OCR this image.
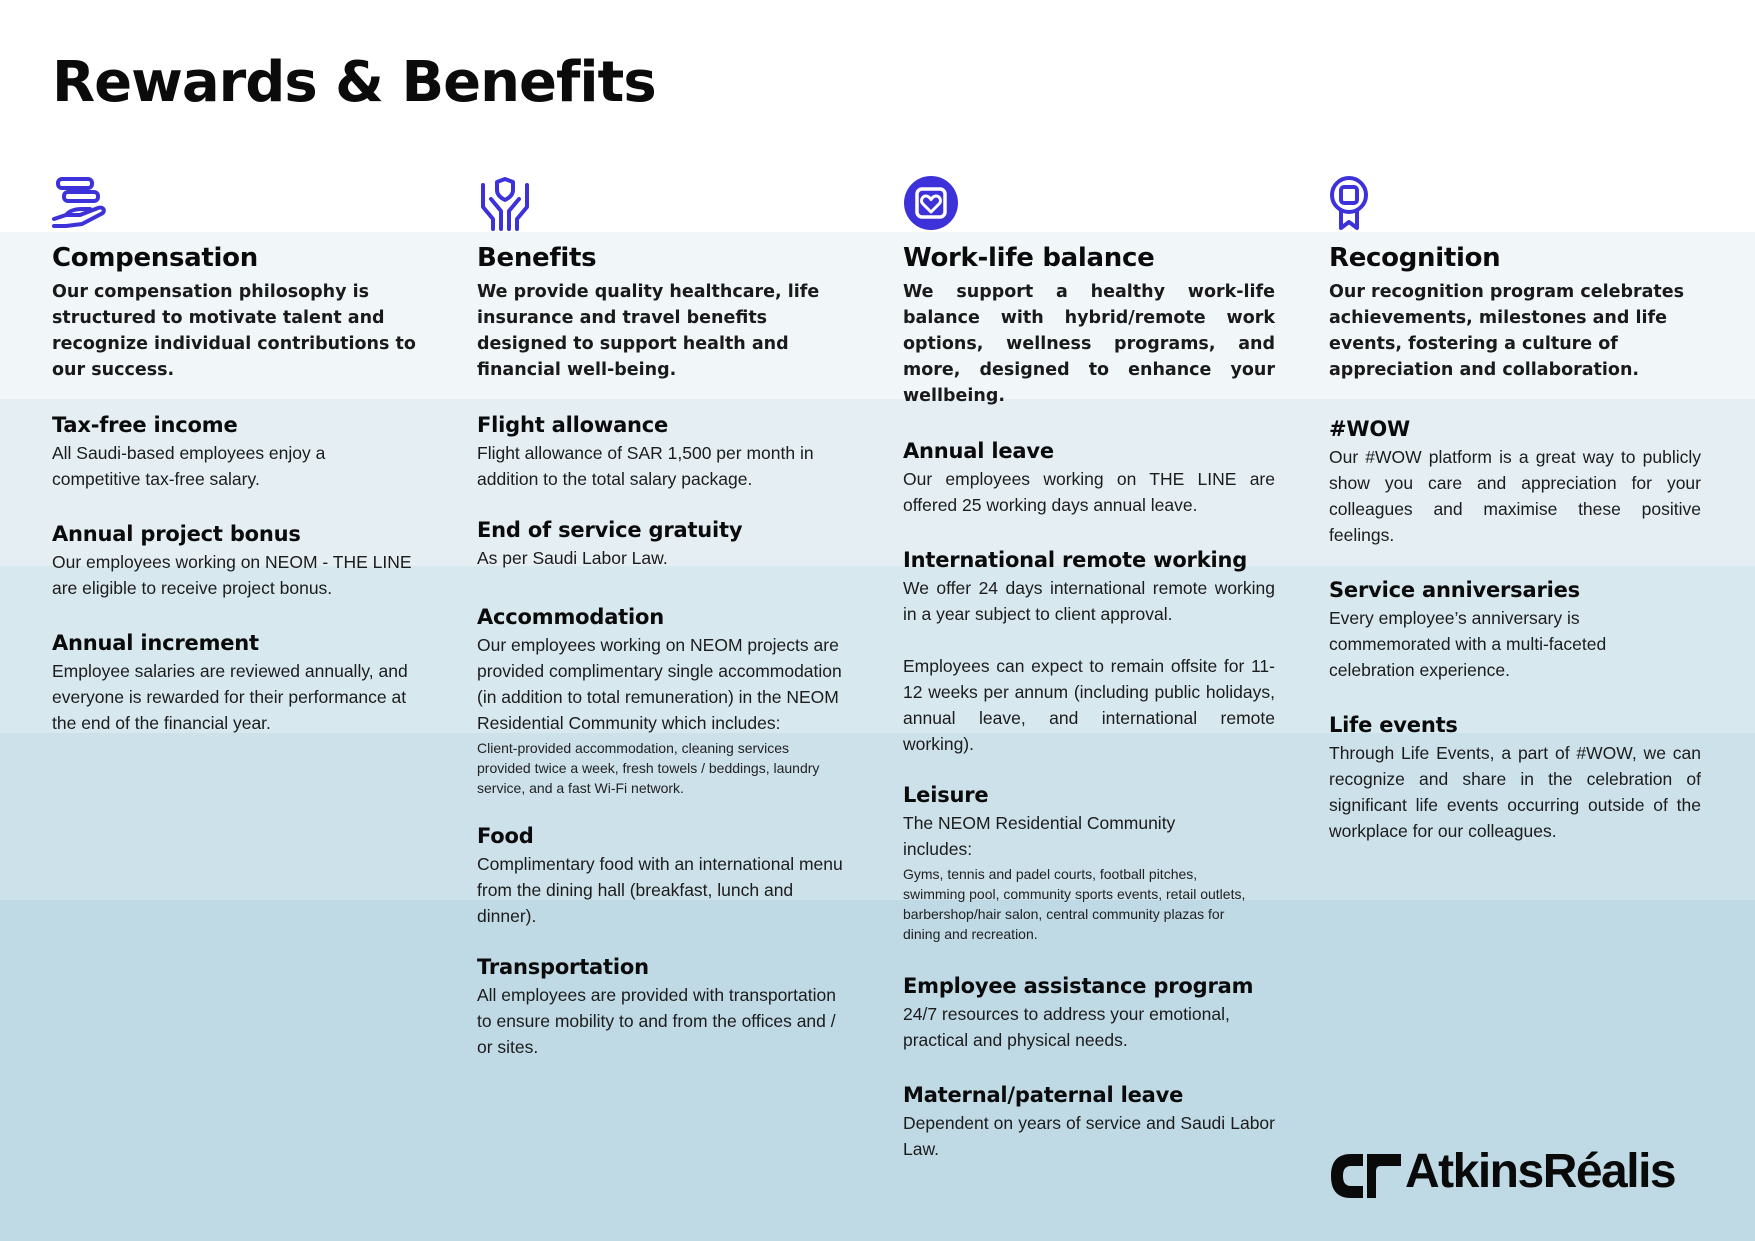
Rewards & Benefits
Compensation
Our compensation philosophy is structured to motivate talent and recognize individual contributions to our success.
Tax-free income

All Saudi-based employees enjoy a competitive tax-free salary.

Annual project bonus

Our employees working on NEOM - THE LINE are eligible to receive project bonus.

Annual increment

Employee salaries are reviewed annually, and everyone is rewarded for their performance at the end of the financial year.

Benefits
We provide quality healthcare, life insurance and travel benefits designed to support health and financial well-being.
Flight allowance

Flight allowance of SAR 1,500 per month in addition to the total salary package.

End of service gratuity

As per Saudi Labor Law.

Accommodation

Our employees working on NEOM projects are provided complimentary single accommodation (in addition to total remuneration) in the NEOM Residential Community which includes:

Client-provided accommodation, cleaning services provided twice a week, fresh towels / beddings, laundry service, and a fast Wi-Fi network.

Food

Complimentary food with an international menu from the dining hall (breakfast, lunch and dinner).

Transportation

All employees are provided with transportation to ensure mobility to and from the offices and / or sites.

Work-life balance
We support a healthy work-life balance with hybrid/remote work options, wellness programs, and more, designed to enhance your wellbeing.
Annual leave

Our employees working on THE LINE are offered 25 working days annual leave.

International remote working

We offer 24 days international remote working in a year subject to client approval.

Employees can expect to remain offsite for 11-12 weeks per annum (including public holidays, annual leave, and international remote working).

Leisure

The NEOM Residential Community includes:

Gyms, tennis and padel courts, football pitches, swimming pool, community sports events, retail outlets, barbershop/hair salon, central community plazas for dining and recreation.

Employee assistance program

24/7 resources to address your emotional, practical and physical needs.

Maternal/paternal leave

Dependent on years of service and Saudi Labor Law.

Recognition
Our recognition program celebrates achievements, milestones and life events, fostering a culture of appreciation and collaboration.
#WOW

Our #WOW platform is a great way to publicly show you care and appreciation for your colleagues and maximise these positive feelings.

Service anniversaries

Every employee’s anniversary is commemorated with a multi-faceted celebration experience.

Life events

Through Life Events, a part of #WOW, we can recognize and share in the celebration of significant life events occurring outside of the workplace for our colleagues.

AtkinsRéalis
